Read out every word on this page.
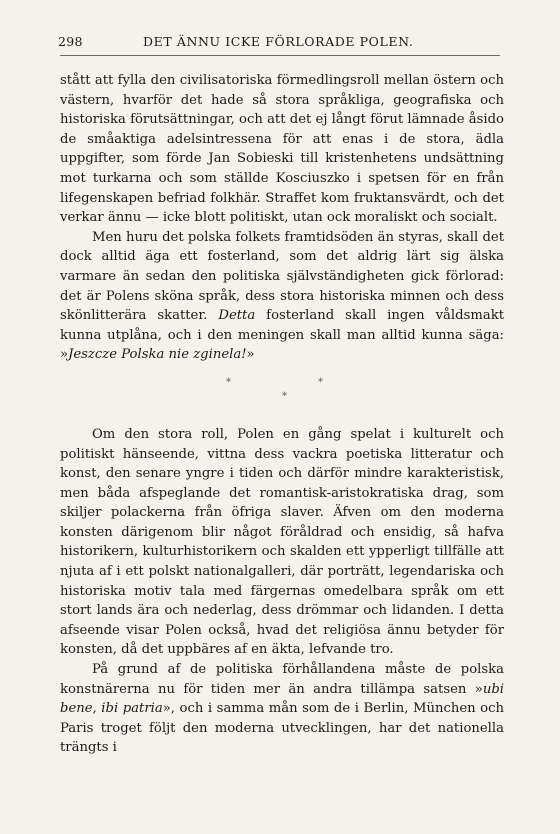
298	DET ÄNNU ICKE FÖRLORADE POLEN.

stått att fylla den civilisatoriska förmedlingsroll mellan östern och västern, hvarför det hade så stora språkliga, geografiska och historiska förutsättningar, och att det ej långt förut lämnade åsido de småaktiga adelsintressena för att enas i de stora, ädla uppgifter, som förde Jan Sobieski till kristenhetens undsättning mot turkarna och som ställde Kosciuszko i spetsen för en från lifegenskapen befriad folkhär. Straffet kom fruktansvärdt, och det verkar ännu — icke blott politiskt, utan ock moraliskt och socialt.

Men huru det polska folkets framtidsöden än styras, skall det dock alltid äga ett fosterland, som det aldrig lärt sig älska varmare än sedan den politiska självständigheten gick förlorad: det är Polens sköna språk, dess stora historiska minnen och dess skönlitterära skatter. Detta fosterland skall ingen våldsmakt kunna utplåna, och i den meningen skall man alltid kunna säga: »Jeszcze Polska nie zginela!»

*	*
*

Om den stora roll, Polen en gång spelat i kulturelt och politiskt hänseende, vittna dess vackra poetiska litteratur och konst, den senare yngre i tiden och därför mindre karakteristisk, men båda afspeglande det romantisk-aristokratiska drag, som skiljer polackerna från öfriga slaver. Äfven om den moderna konsten därigenom blir något föråldrad och ensidig, så hafva historikern, kulturhistorikern och skalden ett ypperligt tillfälle att njuta af i ett polskt nationalgalleri, där porträtt, legendariska och historiska motiv tala med färgernas omedelbara språk om ett stort lands ära och nederlag, dess drömmar och lidanden. I detta afseende visar Polen också, hvad det religiösa ännu betyder för konsten, då det uppbäres af en äkta, lefvande tro.

På grund af de politiska förhållandena måste de polska konstnärerna nu för tiden mer än andra tillämpa satsen »ubi bene, ibi patria», och i samma mån som de i Berlin, München och Paris troget följt den moderna utvecklingen, har det nationella trängts i
